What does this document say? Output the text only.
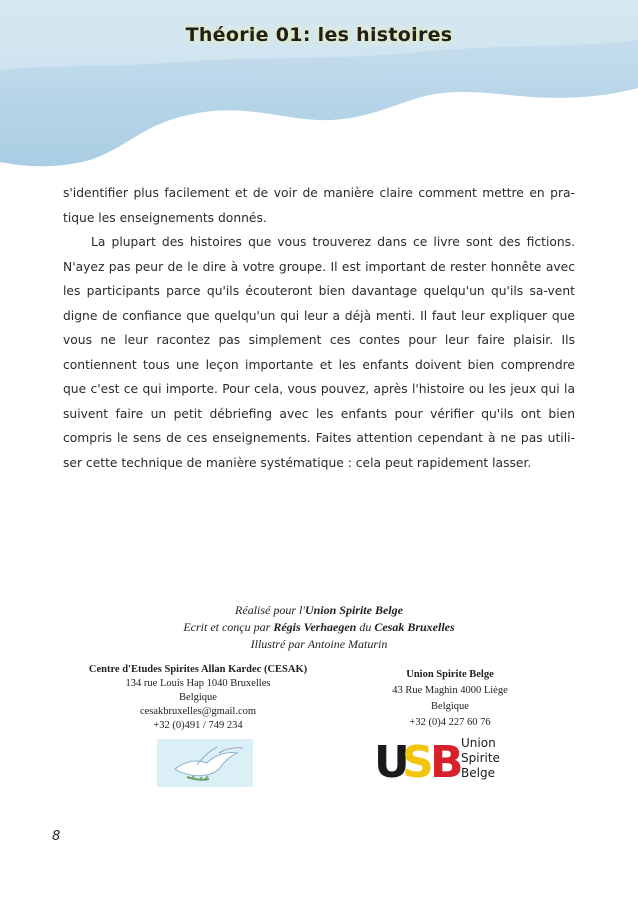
Théorie 01: les histoires

s'identifier plus facilement et de voir de manière claire comment mettre en pra-tique les enseignements donnés.

La plupart des histoires que vous trouverez dans ce livre sont des fictions. N'ayez pas peur de le dire à votre groupe. Il est important de rester honnête avec les participants parce qu'ils écouteront bien davantage quelqu'un qu'ils sa-vent digne de confiance que quelqu'un qui leur a déjà menti. Il faut leur expliquer que vous ne leur racontez pas simplement ces contes pour leur faire plaisir. Ils contiennent tous une leçon importante et les enfants doivent bien comprendre que c'est ce qui importe. Pour cela, vous pouvez, après l'histoire ou les jeux qui la suivent faire un petit débriefing avec les enfants pour vérifier qu'ils ont bien compris le sens de ces enseignements. Faites attention cependant à ne pas utili-ser cette technique de manière systématique : cela peut rapidement lasser.

Réalisé pour l'Union Spirite Belge
Ecrit et conçu par Régis Verhaegen du Cesak Bruxelles
Illustré par Antoine Maturin
Centre d'Etudes Spirites Allan Kardec (CESAK)
134 rue Louis Hap 1040 Bruxelles
Belgique
cesakbruxelles@gmail.com
+32 (0)491 / 749 234
Union Spirite Belge
43 Rue Maghin 4000 Liège
Belgique
+32 (0)4 227 60 76
U
S
B
Union
Spirite
Belge
8
